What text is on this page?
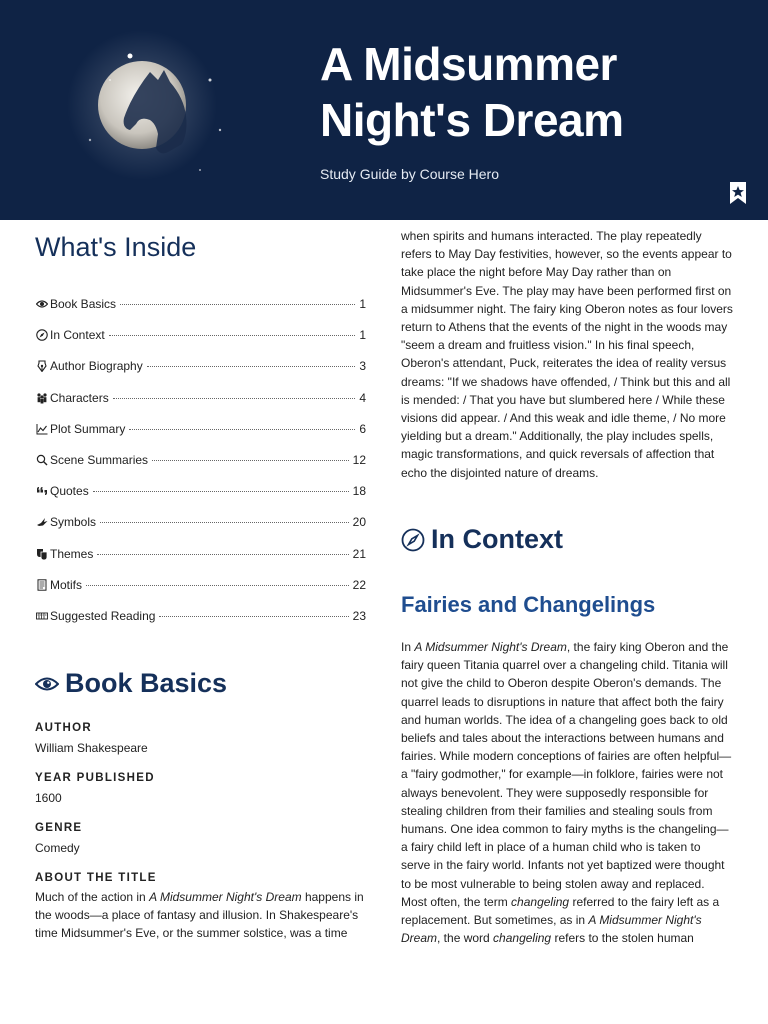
A Midsummer Night's Dream
Study Guide by Course Hero
What's Inside
Book Basics	1
In Context	1
Author Biography	3
Characters	4
Plot Summary	6
Scene Summaries	12
Quotes	18
Symbols	20
Themes	21
Motifs	22
Suggested Reading	23
Book Basics
AUTHOR
William Shakespeare
YEAR PUBLISHED
1600
GENRE
Comedy
ABOUT THE TITLE

Much of the action in A Midsummer Night's Dream happens in the woods—a place of fantasy and illusion. In Shakespeare's time Midsummer's Eve, or the summer solstice, was a time

when spirits and humans interacted. The play repeatedly refers to May Day festivities, however, so the events appear to take place the night before May Day rather than on Midsummer's Eve. The play may have been performed first on a midsummer night. The fairy king Oberon notes as four lovers return to Athens that the events of the night in the woods may "seem a dream and fruitless vision." In his final speech, Oberon's attendant, Puck, reiterates the idea of reality versus dreams: "If we shadows have offended, / Think but this and all is mended: / That you have but slumbered here / While these visions did appear. / And this weak and idle theme, / No more yielding but a dream." Additionally, the play includes spells, magic transformations, and quick reversals of affection that echo the disjointed nature of dreams.

In Context
Fairies and Changelings

In A Midsummer Night's Dream, the fairy king Oberon and the fairy queen Titania quarrel over a changeling child. Titania will not give the child to Oberon despite Oberon's demands. The quarrel leads to disruptions in nature that affect both the fairy and human worlds. The idea of a changeling goes back to old beliefs and tales about the interactions between humans and fairies. While modern conceptions of fairies are often helpful—a "fairy godmother," for example—in folklore, fairies were not always benevolent. They were supposedly responsible for stealing children from their families and stealing souls from humans. One idea common to fairy myths is the changeling—a fairy child left in place of a human child who is taken to serve in the fairy world. Infants not yet baptized were thought to be most vulnerable to being stolen away and replaced. Most often, the term changeling referred to the fairy left as a replacement. But sometimes, as in A Midsummer Night's Dream, the word changeling refers to the stolen human
